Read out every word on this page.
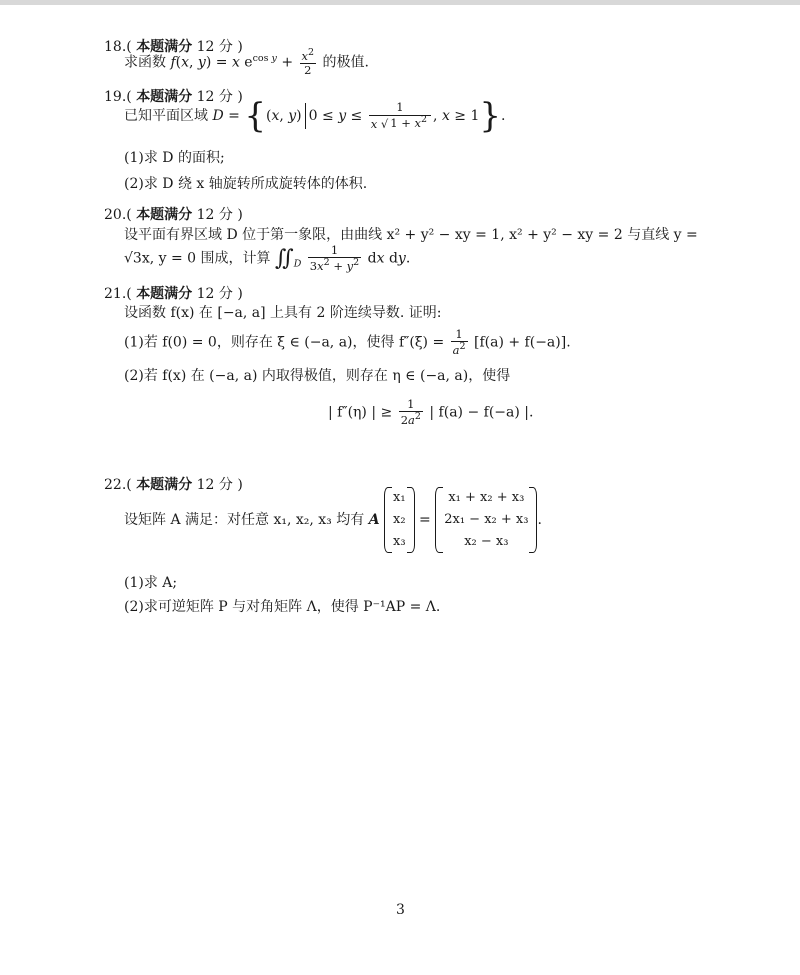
18.( 本题满分 12 分 )
求函数 f(x, y) = x $e^{cos y} + \frac{x^2}{2}$ 的极值.
19.( 本题满分 12 分 )
已知平面区域 D = {(x, y) $0 \le y \le \frac{1}{x √ 1 + x^2}$ , x ≥ 1}.
(1)求 D 的面积;
(2)求 D 绕 x 轴旋转所成旋转体的体积.
20.( 本题满分 12 分 )
设平面有界区域 D 位于第一象限，由曲线 x² + y² − xy = 1, x² + y² − xy = 2 与直线 y =
√3x, y = 0 围成，计算 $∬_D \frac{1}{3x^2 + y^2}$ dx dy.
21.( 本题满分 12 分 )
设函数 f(x) 在 [−a, a] 上具有 2 阶连续导数. 证明:
(1)若 f(0) = 0，则存在 ξ ∈ (−a, a)，使得 $f''(\xi) = \frac{1}{a^2} [f(a) + f(-a)]$.
(2)若 f(x) 在 (−a, a) 内取得极值，则存在 η ∈ (−a, a)，使得
| f″(η) | ≥ $\frac{1}{2a^2}$ | f(a) − f(−a) |.
22.( 本题满分 12 分 )
设矩阵 A 满足：对任意 x₁, x₂, x₃ 均有 A
x₁
x₂
x₃
=
x₁ + x₂ + x₃
2x₁ − x₂ + x₃
x₂ − x₃
.
(1)求 A;
(2)求可逆矩阵 P 与对角矩阵 Λ，使得 P⁻¹AP = Λ.
3
